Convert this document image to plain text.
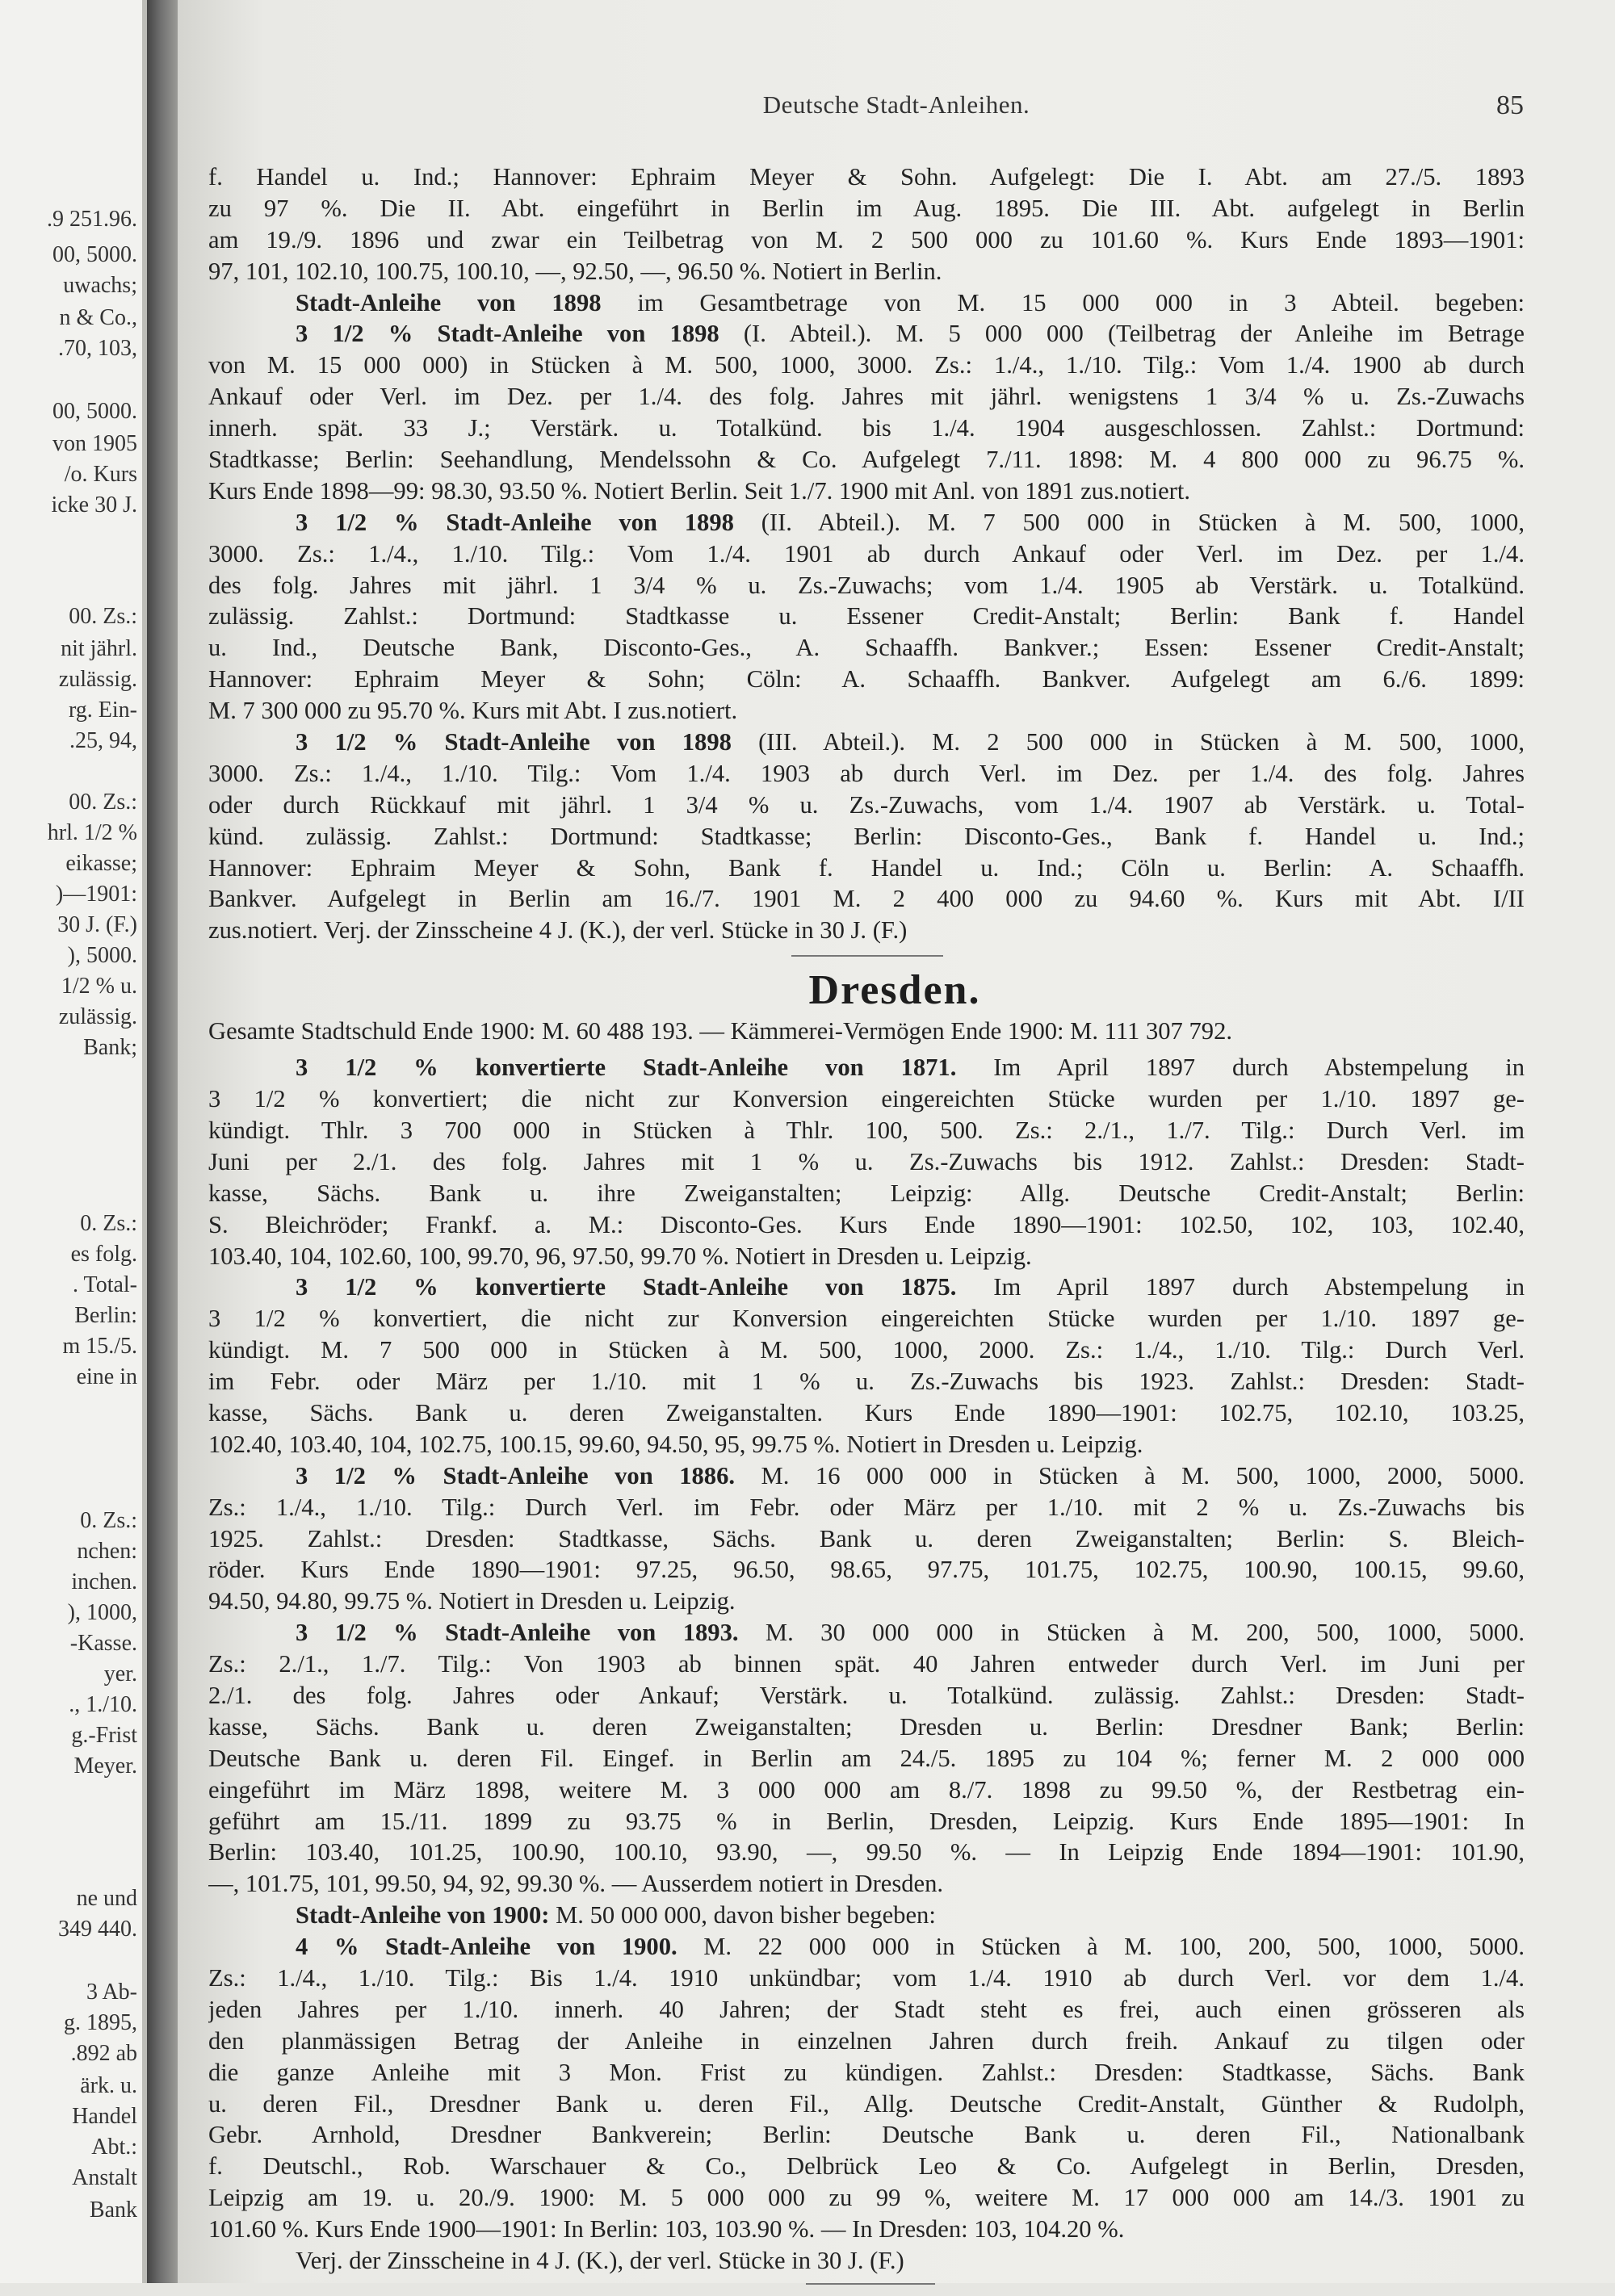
.9 251.96.
00, 5000.
uwachs;
n & Co.,
.70, 103,
00, 5000.
von 1905
/o. Kurs
icke 30 J.
00. Zs.:
nit jährl.
zulässig.
rg. Ein-
.25, 94,
00. Zs.:
hrl. 1/2 %
eikasse;
)—1901:
30 J. (F.)
), 5000.
1/2 % u.
zulässig.
Bank;
0. Zs.:
es folg.
. Total-
Berlin:
m 15./5.
eine in
0. Zs.:
nchen:
inchen.
), 1000,
-Kasse.
yer.
., 1./10.
g.-Frist
Meyer.
ne und
349 440.
3 Ab-
g. 1895,
.892 ab
ärk. u.
Handel
Abt.:
Anstalt
Bank
Deutsche Stadt-Anleihen.	85
f. Handel u. Ind.; Hannover: Ephraim Meyer & Sohn. Aufgelegt: Die I. Abt. am 27./5. 1893
zu 97 %. Die II. Abt. eingeführt in Berlin im Aug. 1895. Die III. Abt. aufgelegt in Berlin
am 19./9. 1896 und zwar ein Teilbetrag von M. 2 500 000 zu 101.60 %. Kurs Ende 1893—1901:
97, 101, 102.10, 100.75, 100.10, —, 92.50, —, 96.50 %. Notiert in Berlin.
Stadt-Anleihe von 1898 im Gesamtbetrage von M. 15 000 000 in 3 Abteil. begeben:
3 1/2 % Stadt-Anleihe von 1898 (I. Abteil.). M. 5 000 000 (Teilbetrag der Anleihe im Betrage
von M. 15 000 000) in Stücken à M. 500, 1000, 3000. Zs.: 1./4., 1./10. Tilg.: Vom 1./4. 1900 ab durch
Ankauf oder Verl. im Dez. per 1./4. des folg. Jahres mit jährl. wenigstens 1 3/4 % u. Zs.-Zuwachs
innerh. spät. 33 J.; Verstärk. u. Totalkünd. bis 1./4. 1904 ausgeschlossen. Zahlst.: Dortmund:
Stadtkasse; Berlin: Seehandlung, Mendelssohn & Co. Aufgelegt 7./11. 1898: M. 4 800 000 zu 96.75 %.
Kurs Ende 1898—99: 98.30, 93.50 %. Notiert Berlin. Seit 1./7. 1900 mit Anl. von 1891 zus.notiert.
3 1/2 % Stadt-Anleihe von 1898 (II. Abteil.). M. 7 500 000 in Stücken à M. 500, 1000,
3000. Zs.: 1./4., 1./10. Tilg.: Vom 1./4. 1901 ab durch Ankauf oder Verl. im Dez. per 1./4.
des folg. Jahres mit jährl. 1 3/4 % u. Zs.-Zuwachs; vom 1./4. 1905 ab Verstärk. u. Totalkünd.
zulässig. Zahlst.: Dortmund: Stadtkasse u. Essener Credit-Anstalt; Berlin: Bank f. Handel
u. Ind., Deutsche Bank, Disconto-Ges., A. Schaaffh. Bankver.; Essen: Essener Credit-Anstalt;
Hannover: Ephraim Meyer & Sohn; Cöln: A. Schaaffh. Bankver. Aufgelegt am 6./6. 1899:
M. 7 300 000 zu 95.70 %. Kurs mit Abt. I zus.notiert.
3 1/2 % Stadt-Anleihe von 1898 (III. Abteil.). M. 2 500 000 in Stücken à M. 500, 1000,
3000. Zs.: 1./4., 1./10. Tilg.: Vom 1./4. 1903 ab durch Verl. im Dez. per 1./4. des folg. Jahres
oder durch Rückkauf mit jährl. 1 3/4 % u. Zs.-Zuwachs, vom 1./4. 1907 ab Verstärk. u. Total-
künd. zulässig. Zahlst.: Dortmund: Stadtkasse; Berlin: Disconto-Ges., Bank f. Handel u. Ind.;
Hannover: Ephraim Meyer & Sohn, Bank f. Handel u. Ind.; Cöln u. Berlin: A. Schaaffh.
Bankver. Aufgelegt in Berlin am 16./7. 1901 M. 2 400 000 zu 94.60 %. Kurs mit Abt. I/II
zus.notiert. Verj. der Zinsscheine 4 J. (K.), der verl. Stücke in 30 J. (F.)
Dresden.
Gesamte Stadtschuld Ende 1900: M. 60 488 193. — Kämmerei-Vermögen Ende 1900: M. 111 307 792.
3 1/2 % konvertierte Stadt-Anleihe von 1871. Im April 1897 durch Abstempelung in
3 1/2 % konvertiert; die nicht zur Konversion eingereichten Stücke wurden per 1./10. 1897 ge-
kündigt. Thlr. 3 700 000 in Stücken à Thlr. 100, 500. Zs.: 2./1., 1./7. Tilg.: Durch Verl. im
Juni per 2./1. des folg. Jahres mit 1 % u. Zs.-Zuwachs bis 1912. Zahlst.: Dresden: Stadt-
kasse, Sächs. Bank u. ihre Zweiganstalten; Leipzig: Allg. Deutsche Credit-Anstalt; Berlin:
S. Bleichröder; Frankf. a. M.: Disconto-Ges. Kurs Ende 1890—1901: 102.50, 102, 103, 102.40,
103.40, 104, 102.60, 100, 99.70, 96, 97.50, 99.70 %. Notiert in Dresden u. Leipzig.
3 1/2 % konvertierte Stadt-Anleihe von 1875. Im April 1897 durch Abstempelung in
3 1/2 % konvertiert, die nicht zur Konversion eingereichten Stücke wurden per 1./10. 1897 ge-
kündigt. M. 7 500 000 in Stücken à M. 500, 1000, 2000. Zs.: 1./4., 1./10. Tilg.: Durch Verl.
im Febr. oder März per 1./10. mit 1 % u. Zs.-Zuwachs bis 1923. Zahlst.: Dresden: Stadt-
kasse, Sächs. Bank u. deren Zweiganstalten. Kurs Ende 1890—1901: 102.75, 102.10, 103.25,
102.40, 103.40, 104, 102.75, 100.15, 99.60, 94.50, 95, 99.75 %. Notiert in Dresden u. Leipzig.
3 1/2 % Stadt-Anleihe von 1886. M. 16 000 000 in Stücken à M. 500, 1000, 2000, 5000.
Zs.: 1./4., 1./10. Tilg.: Durch Verl. im Febr. oder März per 1./10. mit 2 % u. Zs.-Zuwachs bis
1925. Zahlst.: Dresden: Stadtkasse, Sächs. Bank u. deren Zweiganstalten; Berlin: S. Bleich-
röder. Kurs Ende 1890—1901: 97.25, 96.50, 98.65, 97.75, 101.75, 102.75, 100.90, 100.15, 99.60,
94.50, 94.80, 99.75 %. Notiert in Dresden u. Leipzig.
3 1/2 % Stadt-Anleihe von 1893. M. 30 000 000 in Stücken à M. 200, 500, 1000, 5000.
Zs.: 2./1., 1./7. Tilg.: Von 1903 ab binnen spät. 40 Jahren entweder durch Verl. im Juni per
2./1. des folg. Jahres oder Ankauf; Verstärk. u. Totalkünd. zulässig. Zahlst.: Dresden: Stadt-
kasse, Sächs. Bank u. deren Zweiganstalten; Dresden u. Berlin: Dresdner Bank; Berlin:
Deutsche Bank u. deren Fil. Eingef. in Berlin am 24./5. 1895 zu 104 %; ferner M. 2 000 000
eingeführt im März 1898, weitere M. 3 000 000 am 8./7. 1898 zu 99.50 %, der Restbetrag ein-
geführt am 15./11. 1899 zu 93.75 % in Berlin, Dresden, Leipzig. Kurs Ende 1895—1901: In
Berlin: 103.40, 101.25, 100.90, 100.10, 93.90, —, 99.50 %. — In Leipzig Ende 1894—1901: 101.90,
—, 101.75, 101, 99.50, 94, 92, 99.30 %. — Ausserdem notiert in Dresden.
Stadt-Anleihe von 1900: M. 50 000 000, davon bisher begeben:
4 % Stadt-Anleihe von 1900. M. 22 000 000 in Stücken à M. 100, 200, 500, 1000, 5000.
Zs.: 1./4., 1./10. Tilg.: Bis 1./4. 1910 unkündbar; vom 1./4. 1910 ab durch Verl. vor dem 1./4.
jeden Jahres per 1./10. innerh. 40 Jahren; der Stadt steht es frei, auch einen grösseren als
den planmässigen Betrag der Anleihe in einzelnen Jahren durch freih. Ankauf zu tilgen oder
die ganze Anleihe mit 3 Mon. Frist zu kündigen. Zahlst.: Dresden: Stadtkasse, Sächs. Bank
u. deren Fil., Dresdner Bank u. deren Fil., Allg. Deutsche Credit-Anstalt, Günther & Rudolph,
Gebr. Arnhold, Dresdner Bankverein; Berlin: Deutsche Bank u. deren Fil., Nationalbank
f. Deutschl., Rob. Warschauer & Co., Delbrück Leo & Co. Aufgelegt in Berlin, Dresden,
Leipzig am 19. u. 20./9. 1900: M. 5 000 000 zu 99 %, weitere M. 17 000 000 am 14./3. 1901 zu
101.60 %. Kurs Ende 1900—1901: In Berlin: 103, 103.90 %. — In Dresden: 103, 104.20 %.
Verj. der Zinsscheine in 4 J. (K.), der verl. Stücke in 30 J. (F.)
